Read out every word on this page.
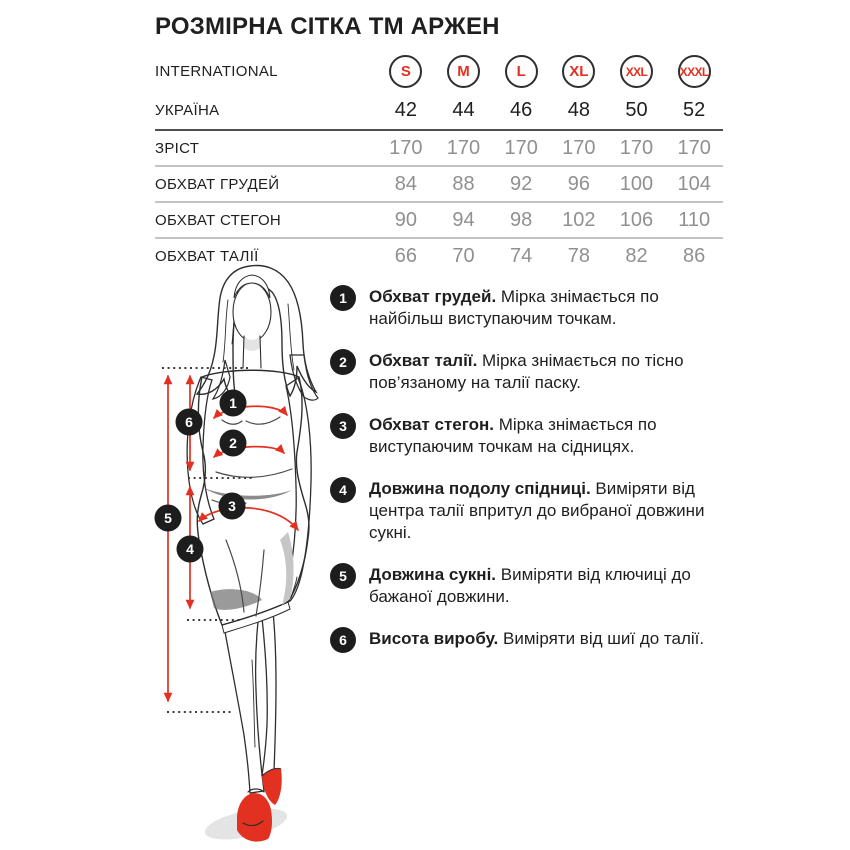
РОЗМІРНА СІТКА ТМ АРЖЕН
INTERNATIONAL	S	M	L	XL	XXL	XXXL
УКРАЇНА	42	44	46	48	50	52
ЗРІСТ	170	170	170	170	170	170
ОБХВАТ ГРУДЕЙ	84	88	92	96	100	104
ОБХВАТ СТЕГОН	90	94	98	102	106	110
ОБХВАТ ТАЛІЇ	66	70	74	78	82	86
1
2
3
4
5
6
1	Обхват грудей. Мірка знімається по найбільш виступаючим точкам.
2	Обхват талії. Мірка знімається по тісно пов’язаному на талії паску.
3	Обхват стегон. Мірка знімається по виступаючим точкам на сідницях.
4	Довжина подолу спідниці. Виміряти від центра талії впритул до вибраної довжини сукні.
5	Довжина сукні. Виміряти від ключиці до бажаної довжини.
6	Висота виробу. Виміряти від шиї до талії.
